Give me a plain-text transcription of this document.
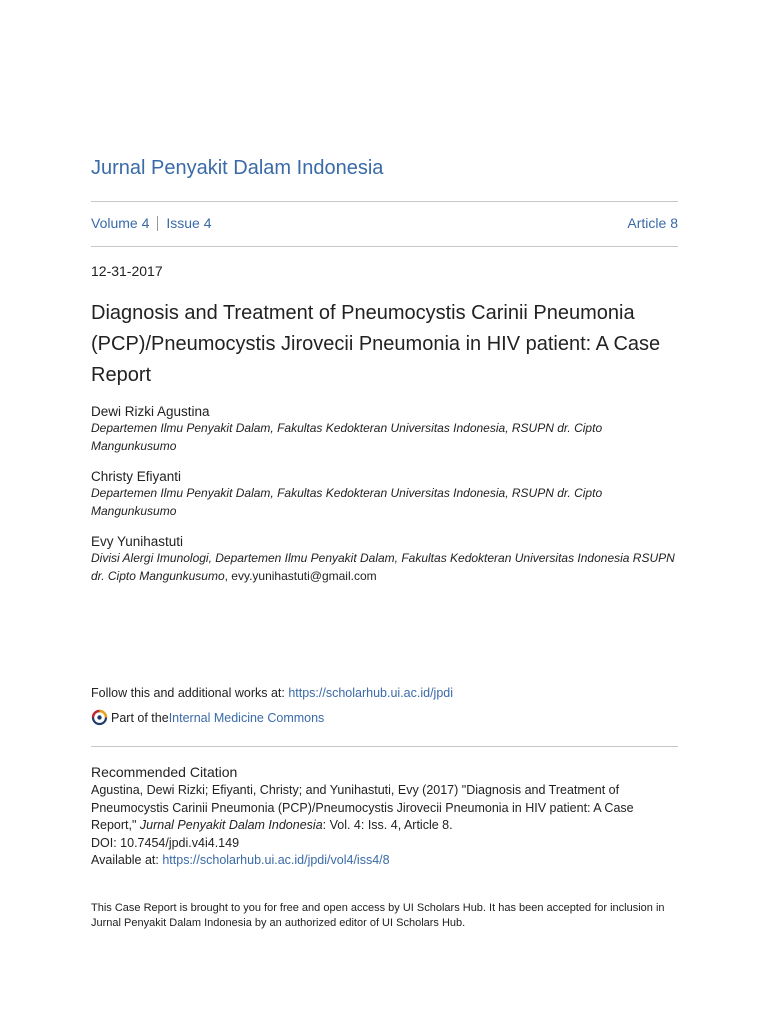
Jurnal Penyakit Dalam Indonesia
Volume 4 Issue 4	Article 8
12-31-2017
Diagnosis and Treatment of Pneumocystis Carinii Pneumonia (PCP)/Pneumocystis Jirovecii Pneumonia in HIV patient: A Case Report
Dewi Rizki Agustina
Departemen Ilmu Penyakit Dalam, Fakultas Kedokteran Universitas Indonesia, RSUPN dr. Cipto Mangunkusumo
Christy Efiyanti
Departemen Ilmu Penyakit Dalam, Fakultas Kedokteran Universitas Indonesia, RSUPN dr. Cipto Mangunkusumo
Evy Yunihastuti
Divisi Alergi Imunologi, Departemen Ilmu Penyakit Dalam, Fakultas Kedokteran Universitas Indonesia RSUPN dr. Cipto Mangunkusumo, evy.yunihastuti@gmail.com
Follow this and additional works at: https://scholarhub.ui.ac.id/jpdi
Part of the Internal Medicine Commons
Recommended Citation
Agustina, Dewi Rizki; Efiyanti, Christy; and Yunihastuti, Evy (2017) "Diagnosis and Treatment of Pneumocystis Carinii Pneumonia (PCP)/Pneumocystis Jirovecii Pneumonia in HIV patient: A Case Report," Jurnal Penyakit Dalam Indonesia: Vol. 4: Iss. 4, Article 8.
DOI: 10.7454/jpdi.v4i4.149
Available at: https://scholarhub.ui.ac.id/jpdi/vol4/iss4/8
This Case Report is brought to you for free and open access by UI Scholars Hub. It has been accepted for inclusion in Jurnal Penyakit Dalam Indonesia by an authorized editor of UI Scholars Hub.
